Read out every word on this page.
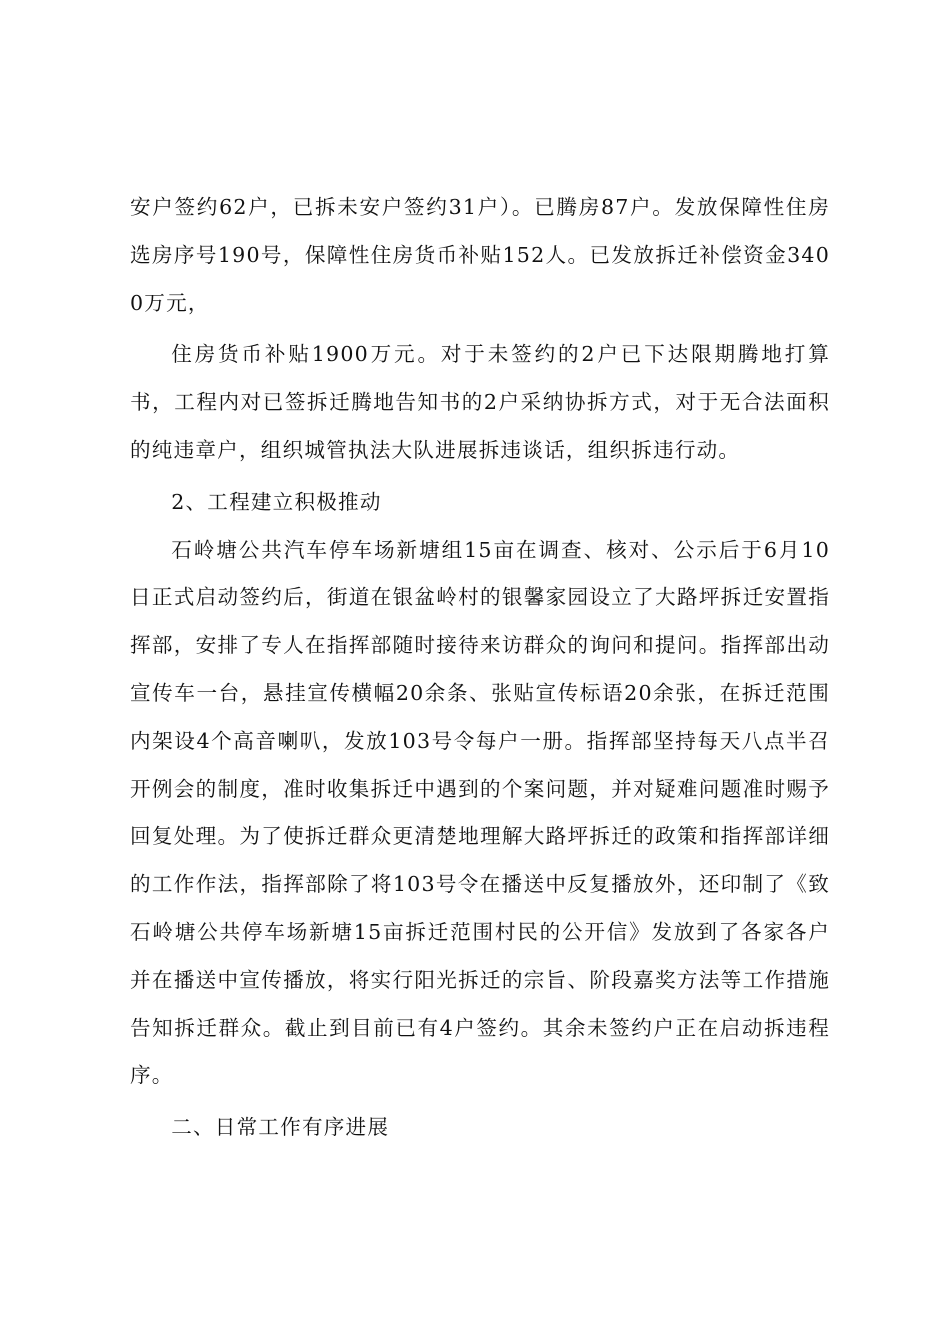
安户签约62户，已拆未安户签约31户）。已腾房87户。发放保障性住房选房序号190号，保障性住房货币补贴152人。已发放拆迁补偿资金3400万元，

住房货币补贴1900万元。对于未签约的2户已下达限期腾地打算书，工程内对已签拆迁腾地告知书的2户采纳协拆方式，对于无合法面积的纯违章户，组织城管执法大队进展拆违谈话，组织拆违行动。

2、工程建立积极推动

石岭塘公共汽车停车场新塘组15亩在调查、核对、公示后于6月10日正式启动签约后，街道在银盆岭村的银馨家园设立了大路坪拆迁安置指挥部，安排了专人在指挥部随时接待来访群众的询问和提问。指挥部出动宣传车一台，悬挂宣传横幅20余条、张贴宣传标语20余张，在拆迁范围内架设4个高音喇叭，发放103号令每户一册。指挥部坚持每天八点半召开例会的制度，准时收集拆迁中遇到的个案问题，并对疑难问题准时赐予回复处理。为了使拆迁群众更清楚地理解大路坪拆迁的政策和指挥部详细的工作作法，指挥部除了将103号令在播送中反复播放外，还印制了《致石岭塘公共停车场新塘15亩拆迁范围村民的公开信》发放到了各家各户并在播送中宣传播放，将实行阳光拆迁的宗旨、阶段嘉奖方法等工作措施告知拆迁群众。截止到目前已有4户签约。其余未签约户正在启动拆违程序。

二、日常工作有序进展
